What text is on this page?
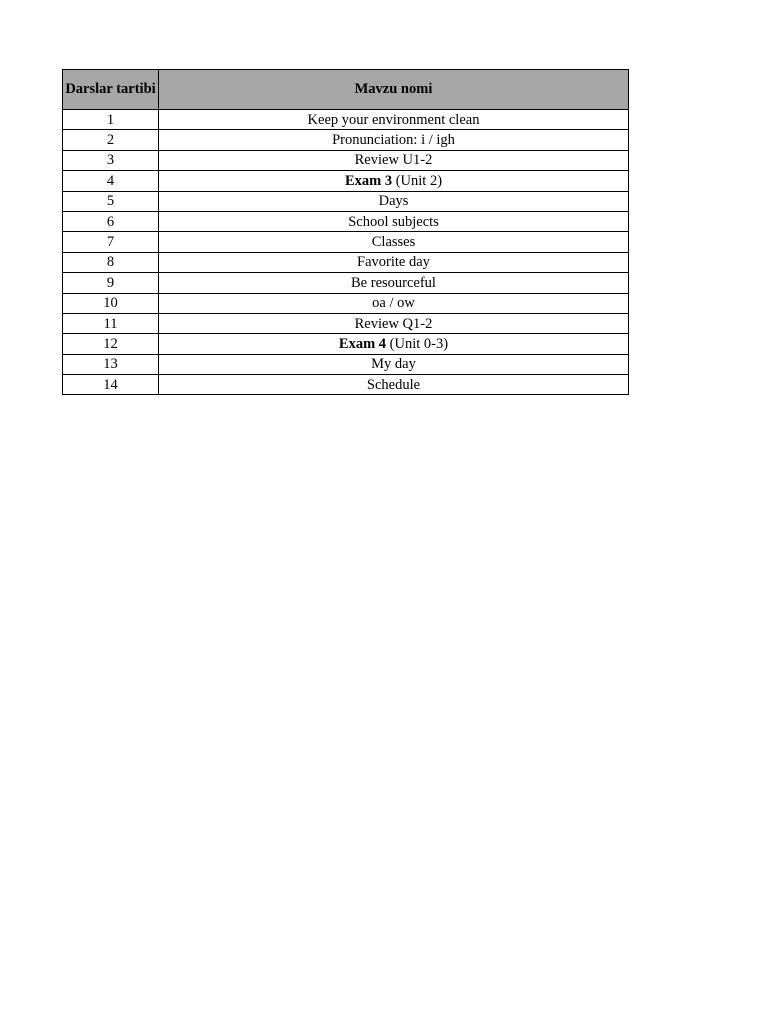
Darslar tartibi	Mavzu nomi
1	Keep your environment clean
2	Pronunciation: i / igh
3	Review U1-2
4	Exam 3 (Unit 2)
5	Days
6	School subjects
7	Classes
8	Favorite day
9	Be resourceful
10	oa / ow
11	Review Q1-2
12	Exam 4 (Unit 0-3)
13	My day
14	Schedule
